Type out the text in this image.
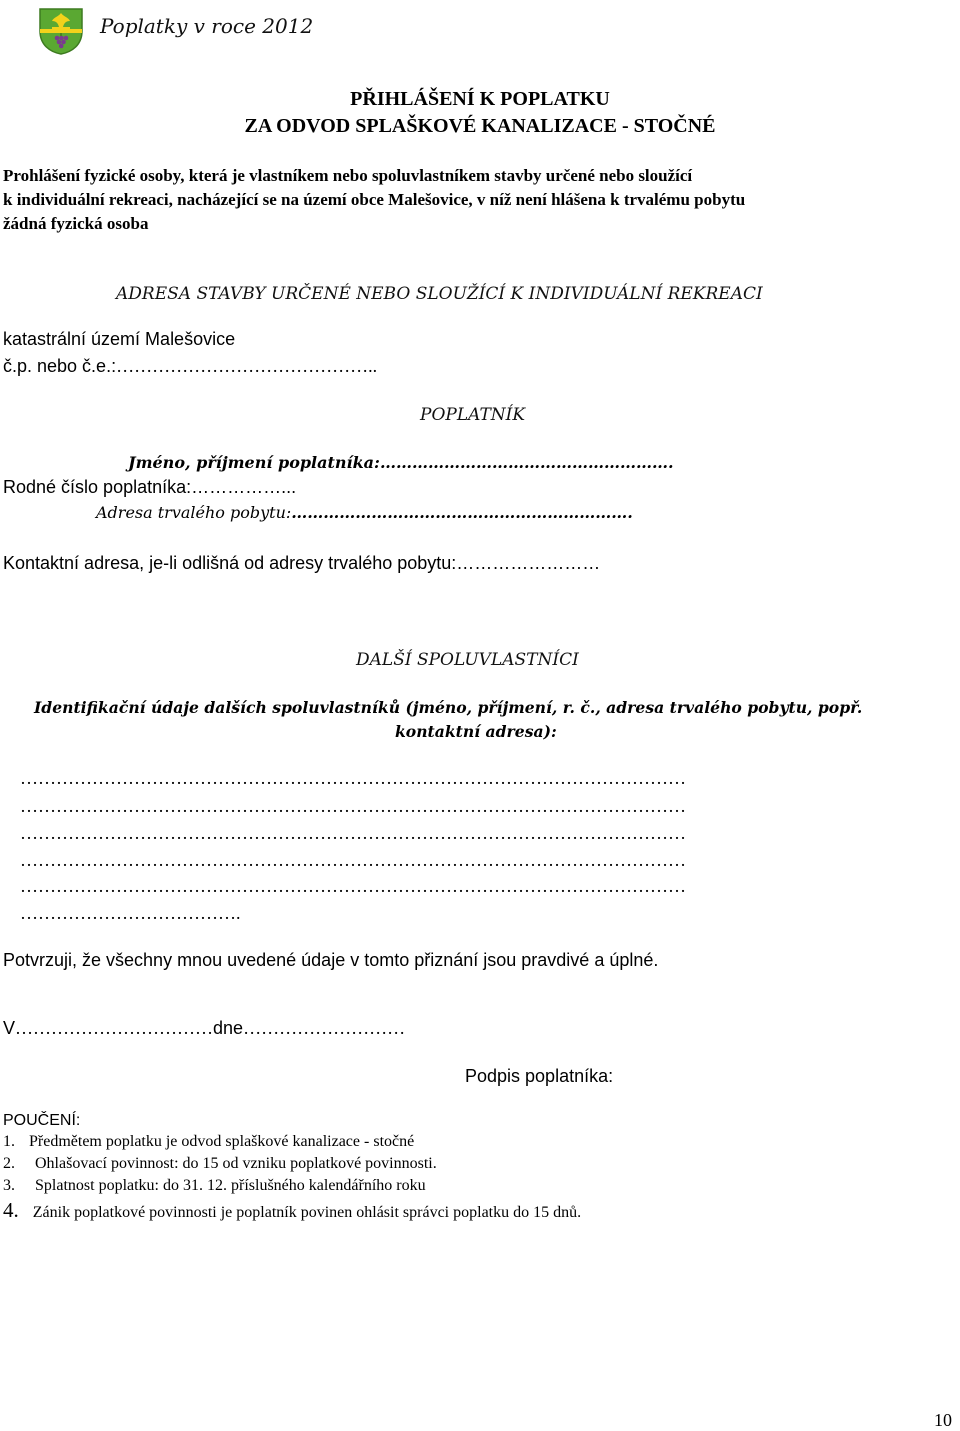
Poplatky v roce 2012
PŘIHLÁŠENÍ K POPLATKU
ZA ODVOD SPLAŠKOVÉ KANALIZACE - STOČNÉ
Prohlášení fyzické osoby, která je vlastníkem nebo spoluvlastníkem stavby určené nebo sloužící
k individuální rekreaci, nacházející se na území obce Malešovice, v níž není hlášena k trvalému pobytu
žádná fyzická osoba
ADRESA STAVBY URČENÉ NEBO SLOUŽÍCÍ K INDIVIDUÁLNÍ REKREACI
katastrální území Malešovice
č.p. nebo č.e.:……………………………………..
POPLATNÍK
Jméno, příjmení poplatníka:……………………………………………….
Rodné číslo poplatníka:……………...
Adresa trvalého pobytu:……………………………………………………….
Kontaktní adresa, je-li odlišná od adresy trvalého pobytu:……………………
DALŠÍ SPOLUVLASTNÍCI
Identifikační údaje dalších spoluvlastníků (jméno, příjmení, r. č., adresa trvalého pobytu, popř.
kontaktní adresa):
…………………………………………………………………………………………………
…………………………………………………………………………………………………
…………………………………………………………………………………………………
…………………………………………………………………………………………………
…………………………………………………………………………………………………
……………………………….
Potvrzuji, že všechny mnou uvedené údaje v tomto přiznání jsou pravdivé a úplné.
V……………………………dne………………………
Podpis poplatníka:
POUČENÍ:
1. Předmětem poplatku je odvod splaškové kanalizace - stočné
2. Ohlašovací povinnost: do 15 od vzniku poplatkové povinnosti.
3. Splatnost poplatku: do 31. 12. příslušného kalendářního roku
4. Zánik poplatkové povinnosti je poplatník povinen ohlásit správci poplatku do 15 dnů.
10
